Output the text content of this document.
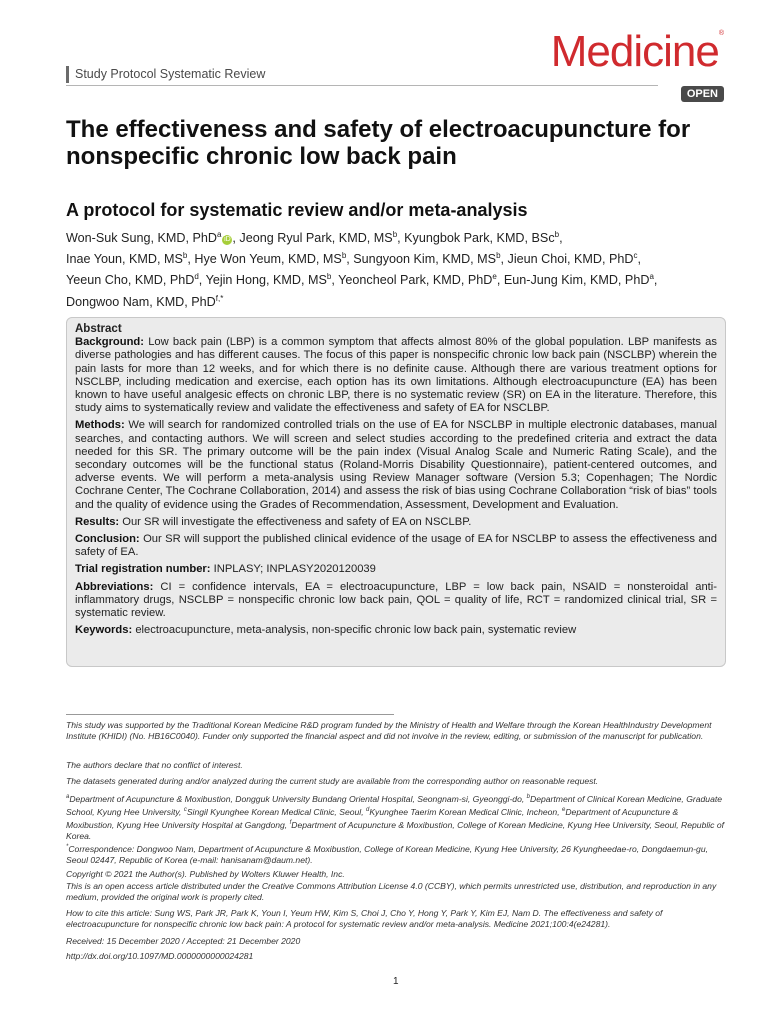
Study Protocol Systematic Review	Medicine®
OPEN
The effectiveness and safety of electroacupuncture for nonspecific chronic low back pain
A protocol for systematic review and/or meta-analysis
Won-Suk Sung, KMD, PhD$^a$iD , Jeong Ryul Park, KMD, $MS^b$, Kyungbok Park, KMD, BSc$^b$,
Inae Youn, KMD, $MS^b$, Hye Won Yeum, KMD, $MS^b$, Sungyoon Kim, KMD, $MS^b$, Jieun Choi, KMD, PhD$^c$,
Yeeun Cho, KMD, PhD$^d$, Yejin Hong, KMD, $MS^b$, Yeoncheol Park, KMD, PhD$^e$, Eun-Jung Kim, KMD, PhD$^a$,
Dongwoo Nam, KMD, PhD$^{f,*}$
Abstract

Background: Low back pain (LBP) is a common symptom that affects almost 80% of the global population. LBP manifests as diverse pathologies and has different causes. The focus of this paper is nonspecific chronic low back pain (NSCLBP) wherein the pain lasts for more than 12 weeks, and for which there is no definite cause. Although there are various treatment options for NSCLBP, including medication and exercise, each option has its own limitations. Although electroacupuncture (EA) has been known to have useful analgesic effects on chronic LBP, there is no systematic review (SR) on EA in the literature. Therefore, this study aims to systematically review and validate the effectiveness and safety of EA for NSCLBP.

Methods: We will search for randomized controlled trials on the use of EA for NSCLBP in multiple electronic databases, manual searches, and contacting authors. We will screen and select studies according to the predefined criteria and extract the data needed for this SR. The primary outcome will be the pain index (Visual Analog Scale and Numeric Rating Scale), and the secondary outcomes will be the functional status (Roland-Morris Disability Questionnaire), patient-centered outcomes, and adverse events. We will perform a meta-analysis using Review Manager software (Version 5.3; Copenhagen; The Nordic Cochrane Center, The Cochrane Collaboration, 2014) and assess the risk of bias using Cochrane Collaboration “risk of bias” tools and the quality of evidence using the Grades of Recommendation, Assessment, Development and Evaluation.

Results: Our SR will investigate the effectiveness and safety of EA on NSCLBP.

Conclusion: Our SR will support the published clinical evidence of the usage of EA for NSCLBP to assess the effectiveness and safety of EA.

Trial registration number: INPLASY; INPLASY2020120039

Abbreviations: CI = confidence intervals, EA = electroacupuncture, LBP = low back pain, NSAID = nonsteroidal anti-inflammatory drugs, NSCLBP = nonspecific chronic low back pain, QOL = quality of life, RCT = randomized clinical trial, SR = systematic review.

Keywords: electroacupuncture, meta-analysis, non-specific chronic low back pain, systematic review

This study was supported by the Traditional Korean Medicine R&D program funded by the Ministry of Health and Welfare through the Korean HealthIndustry Development Institute (KHIDI) (No. HB16C0040). Funder only supported the financial aspect and did not involve in the review, editing, or submission of the manuscript for publication.

The authors declare that no conflict of interest.

The datasets generated during and/or analyzed during the current study are available from the corresponding author on reasonable request.

$^a$Department of Acupuncture & Moxibustion, Dongguk University Bundang Oriental Hospital, Seongnam-si, Gyeonggi-do, $^b$Department of Clinical Korean Medicine, Graduate School, Kyung Hee University, $^c$Singil Kyunghee Korean Medical Clinic, Seoul, $^d$Kyunghee Taerim Korean Medical Clinic, Incheon, $^e$Department of Acupuncture & Moxibustion, Kyung Hee University Hospital at Gangdong, $^f$Department of Acupuncture & Moxibustion, College of Korean Medicine, Kyung Hee University, Seoul, Republic of Korea.

*Correspondence: Dongwoo Nam, Department of Acupuncture & Moxibustion, College of Korean Medicine, Kyung Hee University, 26 Kyungheedae-ro, Dongdaemun-gu, Seoul 02447, Republic of Korea (e-mail: hanisanam@daum.net).

Copyright © 2021 the Author(s). Published by Wolters Kluwer Health, Inc.

This is an open access article distributed under the Creative Commons Attribution License 4.0 (CCBY), which permits unrestricted use, distribution, and reproduction in any medium, provided the original work is properly cited.

How to cite this article: Sung WS, Park JR, Park K, Youn I, Yeum HW, Kim S, Choi J, Cho Y, Hong Y, Park Y, Kim EJ, Nam D. The effectiveness and safety of electroacupuncture for nonspecific chronic low back pain: A protocol for systematic review and/or meta-analysis. Medicine 2021;100:4(e24281).

Received: 15 December 2020 / Accepted: 21 December 2020

http://dx.doi.org/10.1097/MD.0000000000024281

1
